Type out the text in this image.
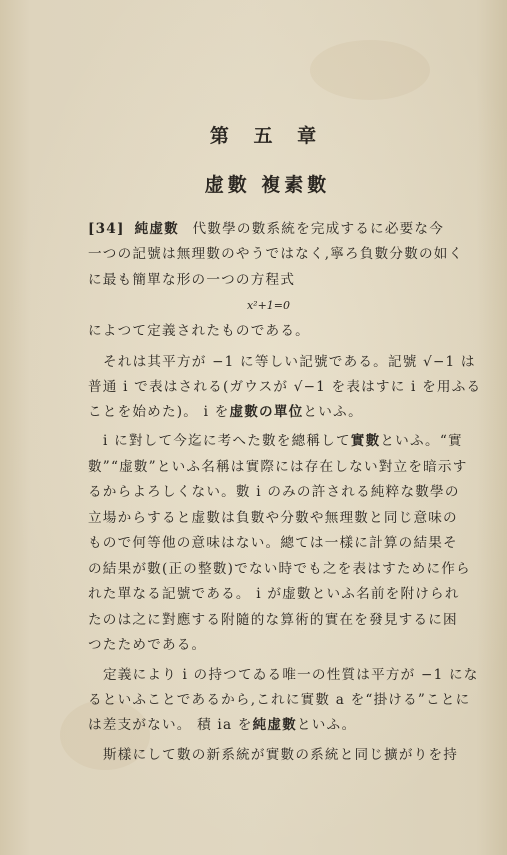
第 五 章
虚數 複素數
[34] 純虚數 代數學の數系統を完成するに必要な今
一つの記號は無理數のやうではなく,寧ろ負數分數の如く
に最も簡單な形の一つの方程式
x²+1=0
によつて定義されたものである。
それは其平方が −1 に等しい記號である。記號 √−1 は
普通 i で表はされる(ガウスが √−1 を表はすに i を用ふる
ことを始めた)。 i を虚數の單位といふ。
i に對して今迄に考へた數を總稱して實數といふ。“實
數”“虚數”といふ名稱は實際には存在しない對立を暗示す
るからよろしくない。數 i のみの許される純粹な數學の
立場からすると虚數は負數や分數や無理數と同じ意味の
もので何等他の意味はない。總ては一樣に計算の結果そ
の結果が數(正の整數)でない時でも之を表はすために作ら
れた單なる記號である。 i が虚數といふ名前を附けられ
たのは之に對應する附隨的な算術的實在を發見するに困
つたためである。
定義により i の持つてゐる唯一の性質は平方が −1 にな
るといふことであるから,これに實數 a を“掛ける”ことに
は差支がない。 積 ia を純虚數といふ。
斯樣にして數の新系統が實數の系統と同じ擴がりを持
